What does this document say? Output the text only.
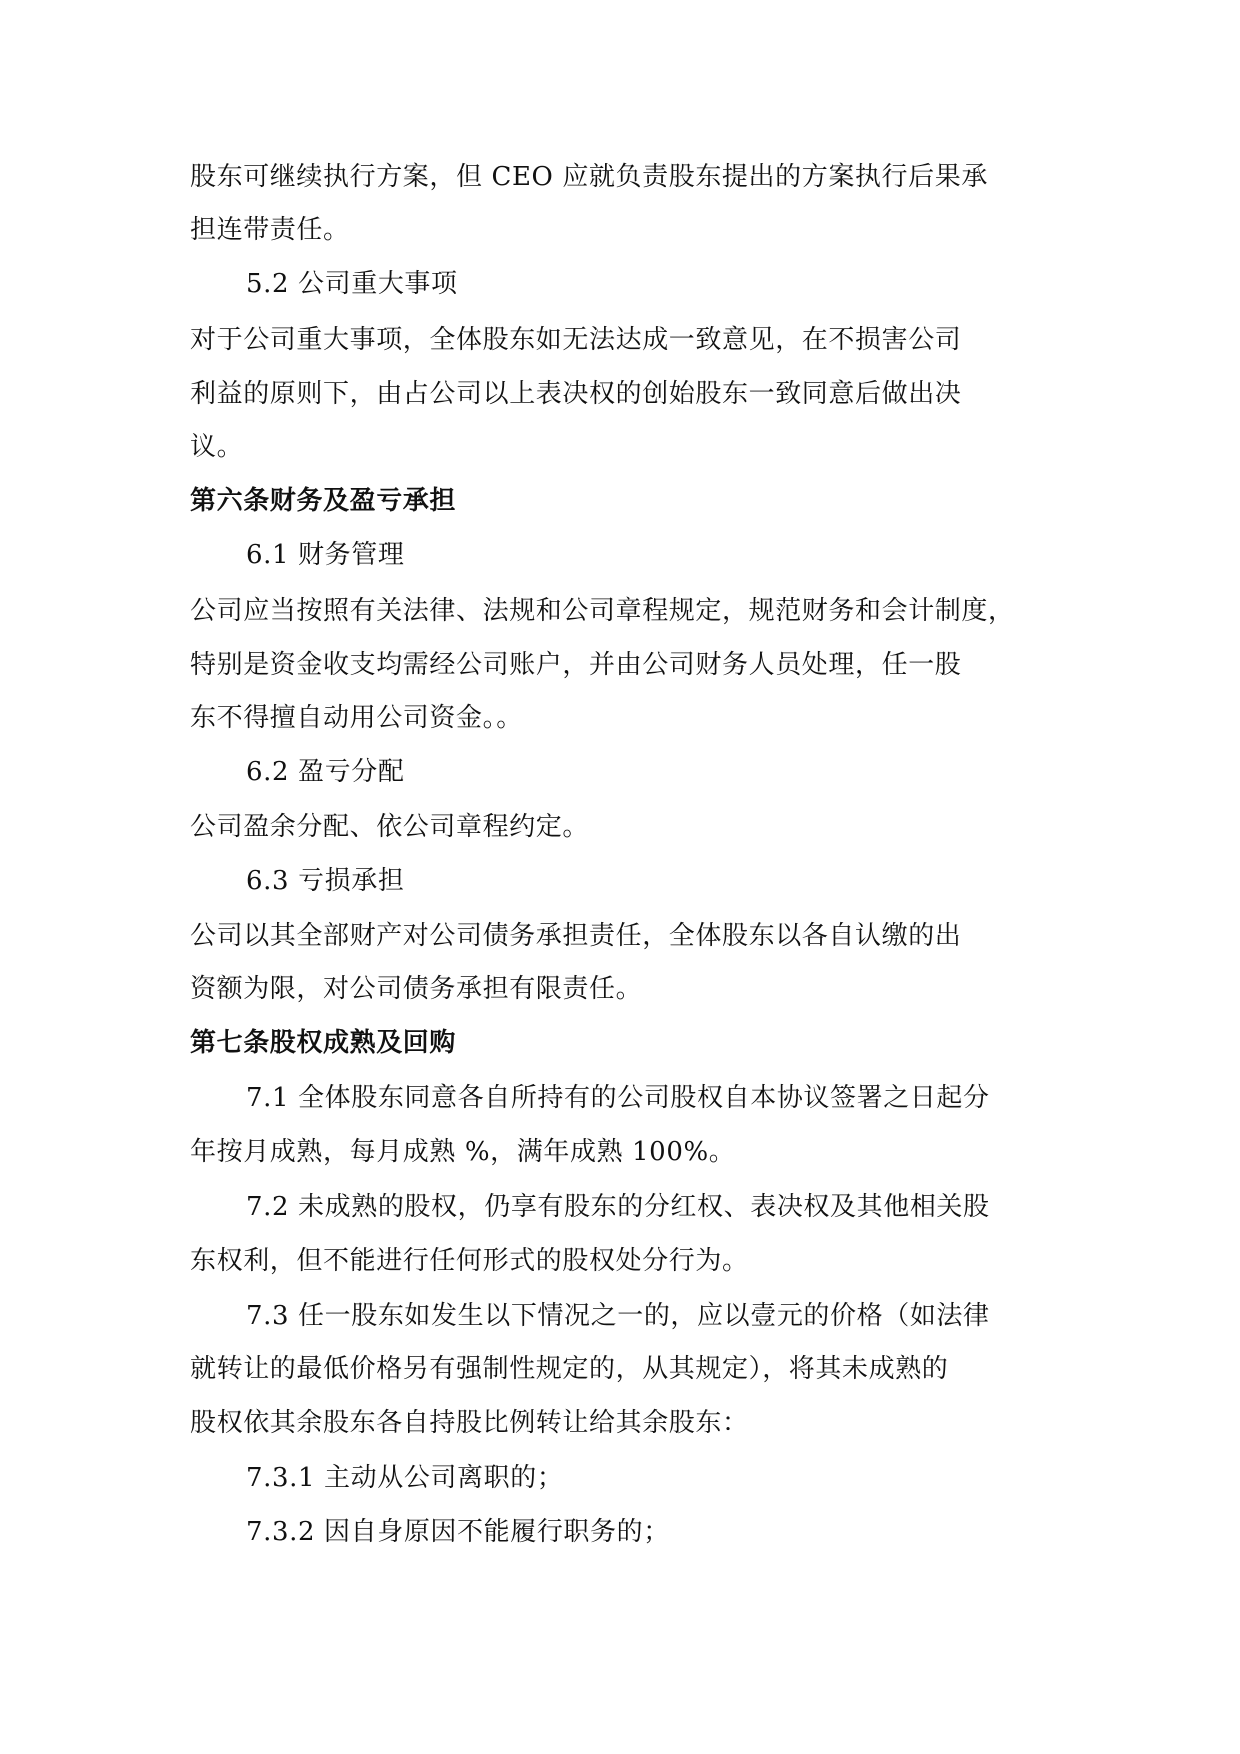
股东可继续执行方案，但 CEO 应就负责股东提出的方案执行后果承
担连带责任。
5.2 公司重大事项
对于公司重大事项，全体股东如无法达成一致意见，在不损害公司
利益的原则下，由占公司以上表决权的创始股东一致同意后做出决
议。
第六条财务及盈亏承担
6.1 财务管理
公司应当按照有关法律、法规和公司章程规定，规范财务和会计制度，
特别是资金收支均需经公司账户，并由公司财务人员处理，任一股
东不得擅自动用公司资金。。
6.2 盈亏分配
公司盈余分配、依公司章程约定。
6.3 亏损承担
公司以其全部财产对公司债务承担责任，全体股东以各自认缴的出
资额为限，对公司债务承担有限责任。
第七条股权成熟及回购
7.1 全体股东同意各自所持有的公司股权自本协议签署之日起分
年按月成熟，每月成熟 %，满年成熟 100%。
7.2 未成熟的股权，仍享有股东的分红权、表决权及其他相关股
东权利，但不能进行任何形式的股权处分行为。
7.3 任一股东如发生以下情况之一的，应以壹元的价格（如法律
就转让的最低价格另有强制性规定的，从其规定），将其未成熟的
股权依其余股东各自持股比例转让给其余股东：
7.3.1 主动从公司离职的；
7.3.2 因自身原因不能履行职务的；
